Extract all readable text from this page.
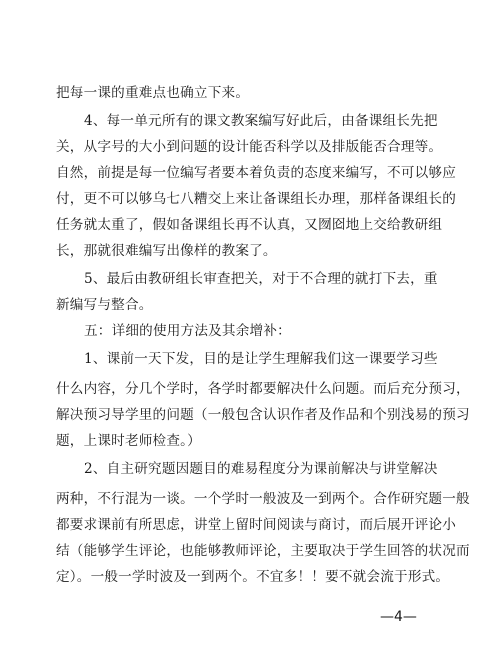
把每一课的重难点也确立下来。
4、每一单元所有的课文教案编写好此后，由备课组长先把
关，从字号的大小到问题的设计能否科学以及排版能否合理等。
自然，前提是每一位编写者要本着负责的态度来编写，不可以够应
付，更不可以够乌七八糟交上来让备课组长办理，那样备课组长的
任务就太重了，假如备课组长再不认真，又囫囵地上交给教研组
长，那就很难编写出像样的教案了。
5、最后由教研组长审查把关，对于不合理的就打下去，重
新编写与整合。
五：详细的使用方法及其余增补：
1、课前一天下发，目的是让学生理解我们这一课要学习些
什么内容，分几个学时，各学时都要解决什么问题。而后充分预习，
解决预习导学里的问题（一般包含认识作者及作品和个别浅易的预习
题，上课时老师检查。）
2、自主研究题因题目的难易程度分为课前解决与讲堂解决
两种，不行混为一谈。一个学时一般波及一到两个。合作研究题一般
都要求课前有所思虑，讲堂上留时间阅读与商讨，而后展开评论小
结（能够学生评论，也能够教师评论，主要取决于学生回答的状况而
定）。一般一学时波及一到两个。不宜多！！要不就会流于形式。
—4—
